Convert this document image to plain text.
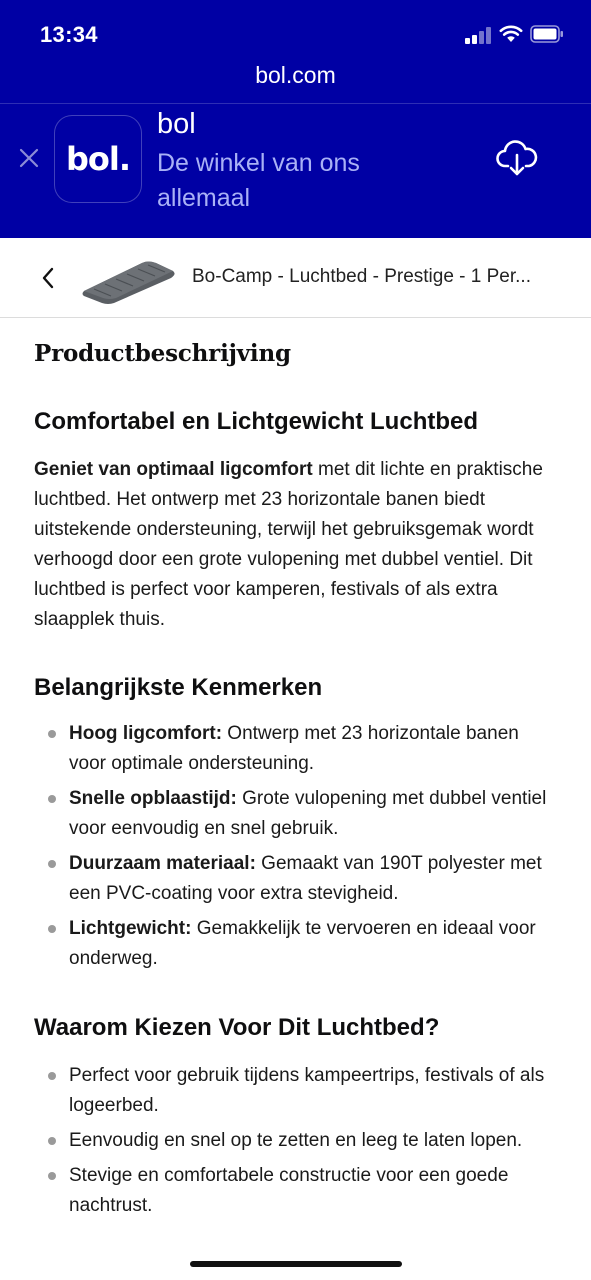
13:34
bol.com
bol.
bol
De winkel van ons allemaal
Bo-Camp - Luchtbed - Prestige - 1 Per...
Productbeschrijving
Comfortabel en Lichtgewicht Luchtbed

Geniet van optimaal ligcomfort met dit lichte en praktische luchtbed. Het ontwerp met 23 horizontale banen biedt uitstekende ondersteuning, terwijl het gebruiksgemak wordt verhoogd door een grote vulopening met dubbel ventiel. Dit luchtbed is perfect voor kamperen, festivals of als extra slaapplek thuis.

Belangrijkste Kenmerken
Hoog ligcomfort: Ontwerp met 23 horizontale banen voor optimale ondersteuning.
Snelle opblaastijd: Grote vulopening met dubbel ventiel voor eenvoudig en snel gebruik.
Duurzaam materiaal: Gemaakt van 190T polyester met een PVC-coating voor extra stevigheid.
Lichtgewicht: Gemakkelijk te vervoeren en ideaal voor onderweg.
Waarom Kiezen Voor Dit Luchtbed?
Perfect voor gebruik tijdens kampeertrips, festivals of als logeerbed.
Eenvoudig en snel op te zetten en leeg te laten lopen.
Stevige en comfortabele constructie voor een goede nachtrust.
